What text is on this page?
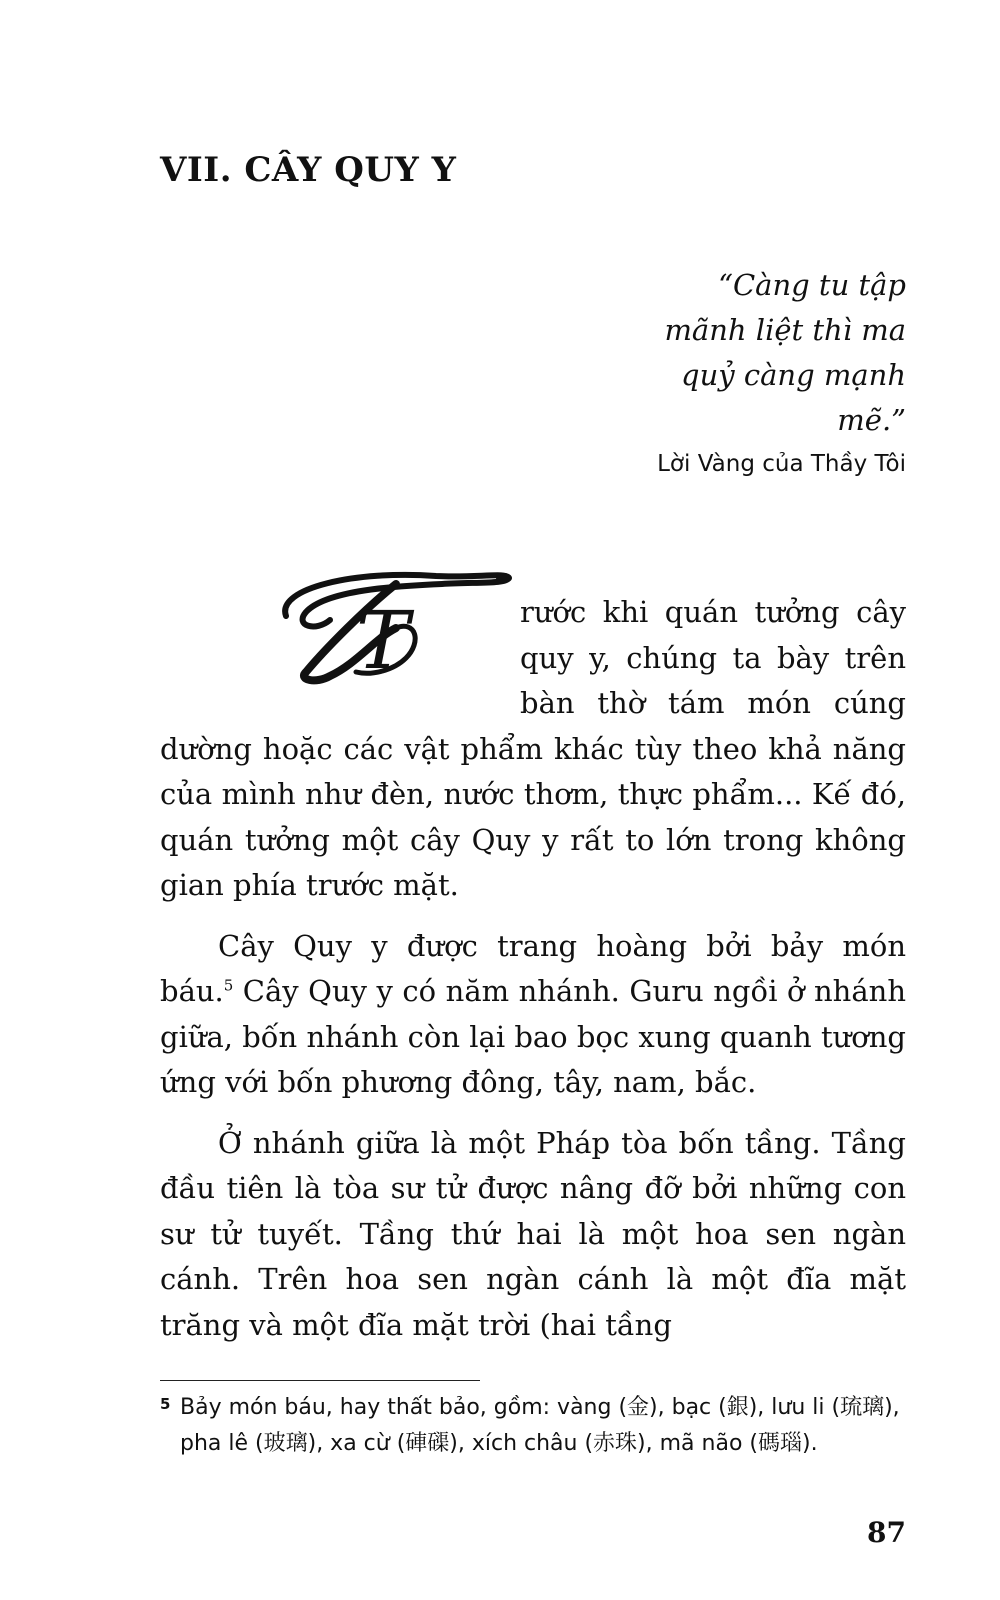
VII. CÂY QUY Y

“Càng tu tập
mãnh liệt thì ma
quỷ càng mạnh
mẽ.”

Lời Vàng của Thầy Tôi

T	rước khi quán tưởng cây quy y, chúng ta bày trên bàn thờ tám món cúng dường hoặc các vật phẩm khác tùy theo khả năng của mình như đèn, nước thơm, thực phẩm... Kế đó, quán tưởng một cây Quy y rất to lớn trong không gian phía trước mặt.

Cây Quy y được trang hoàng bởi bảy món báu.$^5$ Cây Quy y có năm nhánh. Guru ngồi ở nhánh giữa, bốn nhánh còn lại bao bọc xung quanh tương ứng với bốn phương đông, tây, nam, bắc.

Ở nhánh giữa là một Pháp tòa bốn tầng. Tầng đầu tiên là tòa sư tử được nâng đỡ bởi những con sư tử tuyết. Tầng thứ hai là một hoa sen ngàn cánh. Trên hoa sen ngàn cánh là một đĩa mặt trăng và một đĩa mặt trời (hai tầng

5 Bảy món báu, hay thất bảo, gồm: vàng (金), bạc (銀), lưu li (琉璃), pha lê (玻璃), xa cừ (硨磲), xích châu (赤珠), mã não (碼瑙).
87
